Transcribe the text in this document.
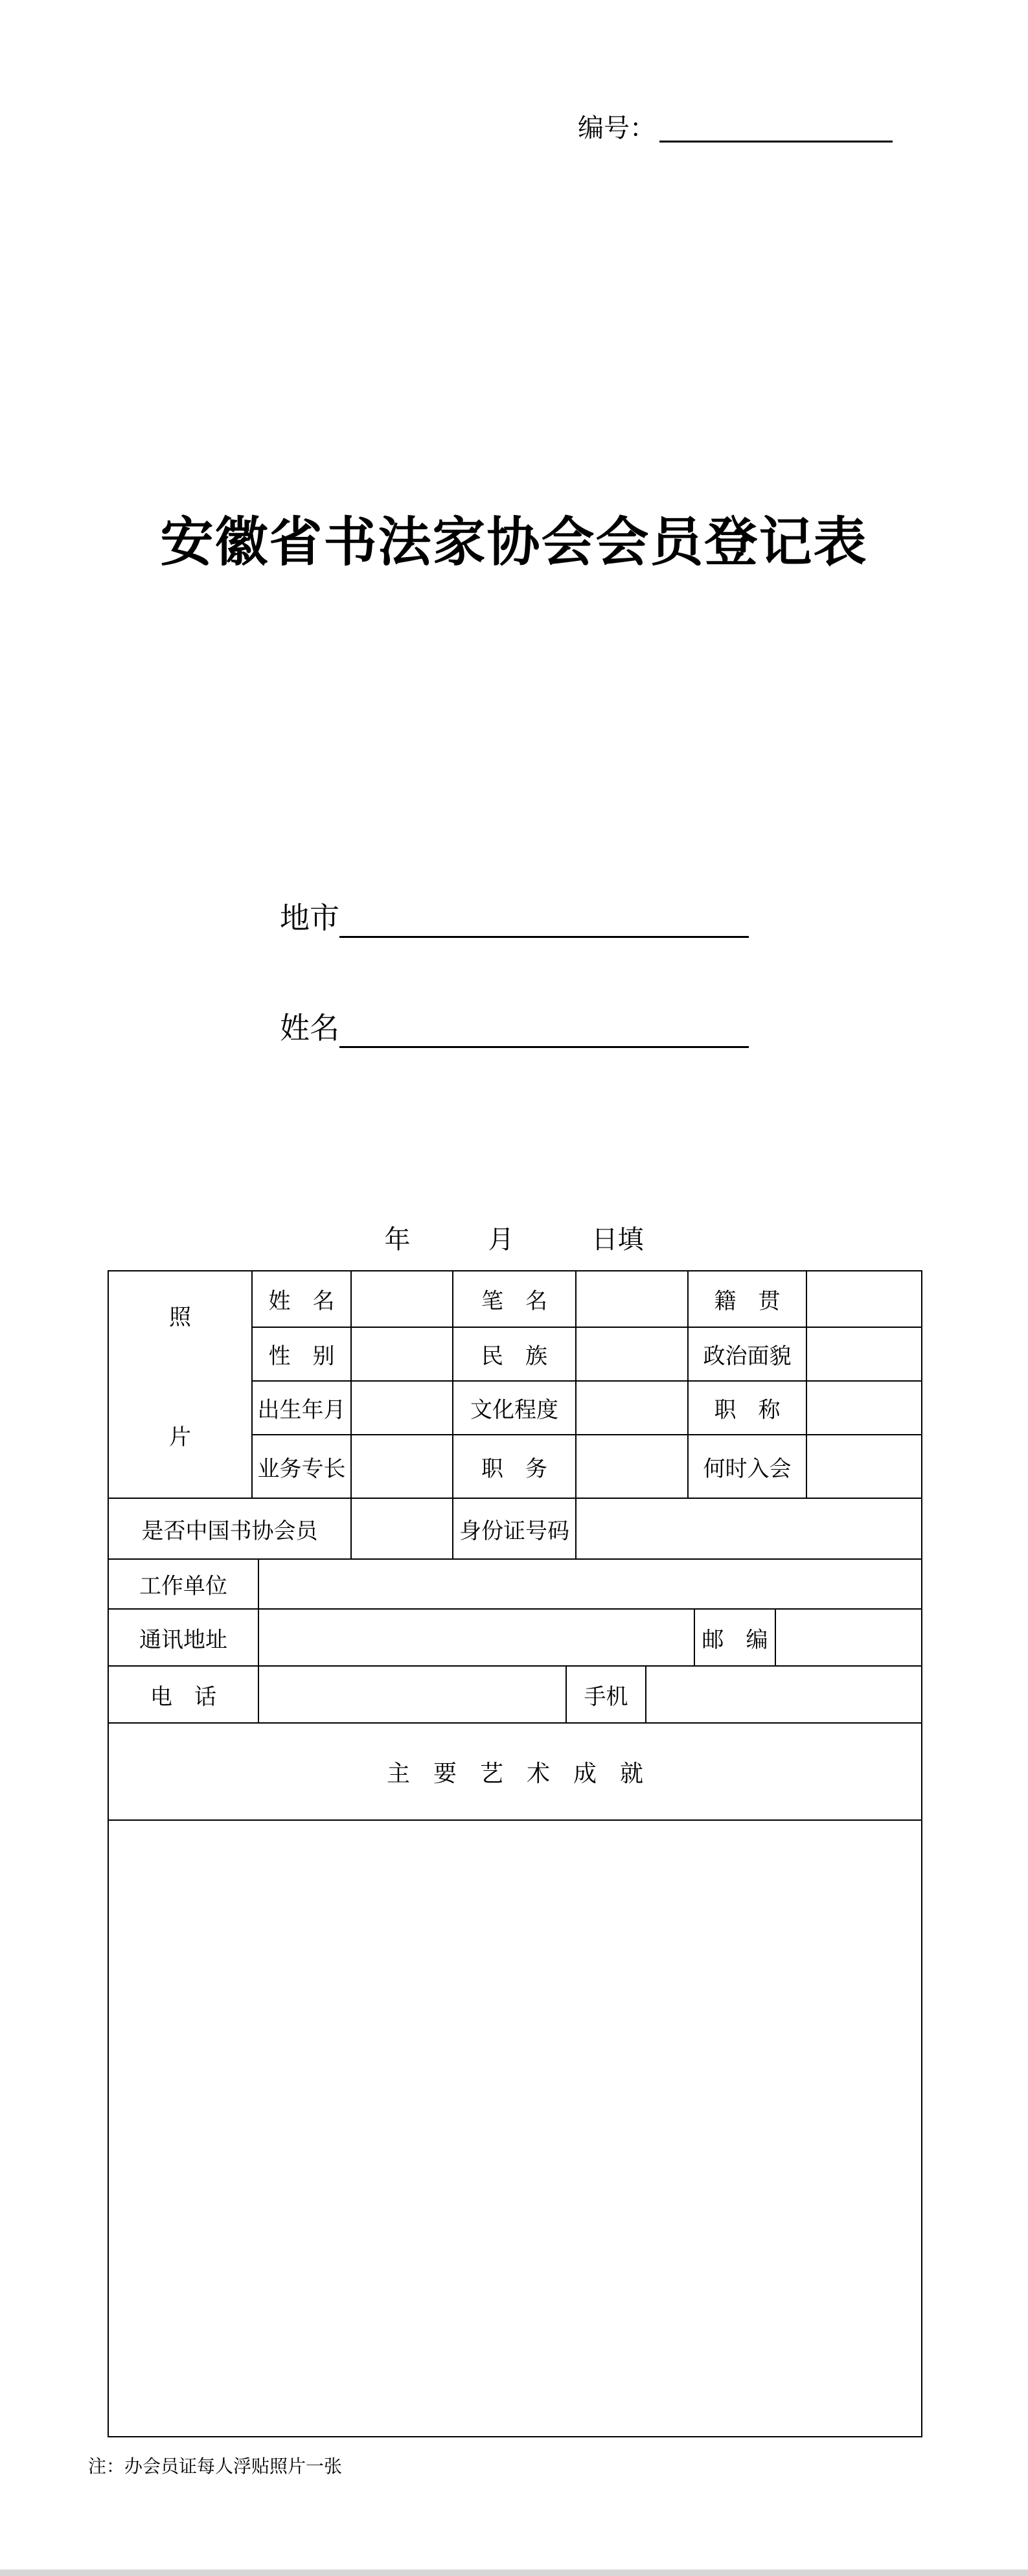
编号：
安徽省书法家协会会员登记表
地市
姓名
年　　　月　　　日填
照
片
姓　名	笔　名	籍　贯
性　别	民　族	政治面貌
出生年月	文化程度	职　称
业务专长	职　务	何时入会
是否中国书协会员	身份证号码
工作单位
通讯地址	邮　编
电　话	手机
主　要　艺　术　成　就
注：办会员证每人浮贴照片一张
